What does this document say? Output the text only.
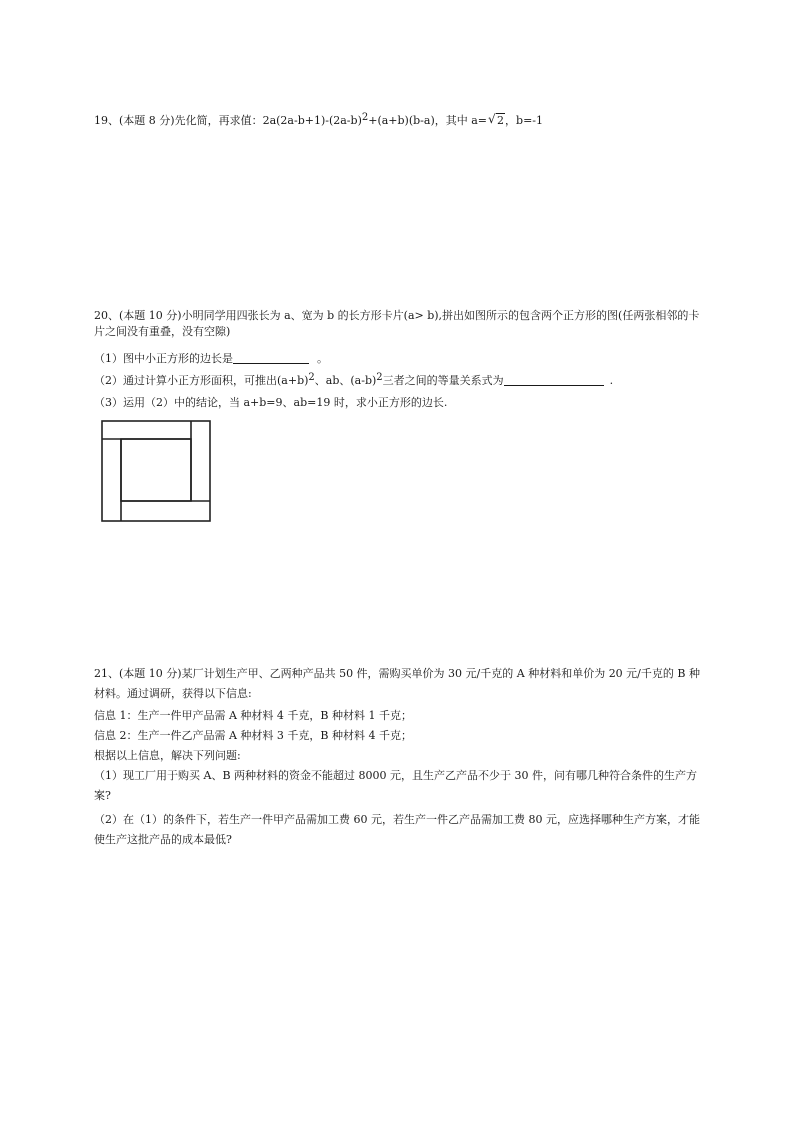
19、(本题 8 分)先化简，再求值：$2a(2a-b+1)-(2a-b)^2+(a+b)(b-a)$，其中 a=√ 2，b=-1
20、(本题 10 分)小明同学用四张长为 a、宽为 b 的长方形卡片(a> b),拼出如图所示的包含两个正方形的图(任两张相邻的卡片之间没有重叠，没有空隙)
（1）图中小正方形的边长是	。
（2）通过计算小正方形面积，可推出$(a+b)^2$、ab、$(a-b)^2$三者之间的等量关系式为	.
（3）运用（2）中的结论，当 a+b=9、ab=19 时，求小正方形的边长.
21、(本题 10 分)某厂计划生产甲、乙两种产品共 50 件，需购买单价为 30 元/千克的 A 种材料和单价为 20 元/千克的 B 种材料。通过调研，获得以下信息:
信息 1：生产一件甲产品需 A 种材料 4 千克，B 种材料 1 千克；
信息 2：生产一件乙产品需 A 种材料 3 千克，B 种材料 4 千克；
根据以上信息，解决下列问题:
（1）现工厂用于购买 A、B 两种材料的资金不能超过 8000 元，且生产乙产品不少于 30 件，问有哪几种符合条件的生产方案?
（2）在（1）的条件下，若生产一件甲产品需加工费 60 元，若生产一件乙产品需加工费 80 元，应选择哪种生产方案，才能使生产这批产品的成本最低?
